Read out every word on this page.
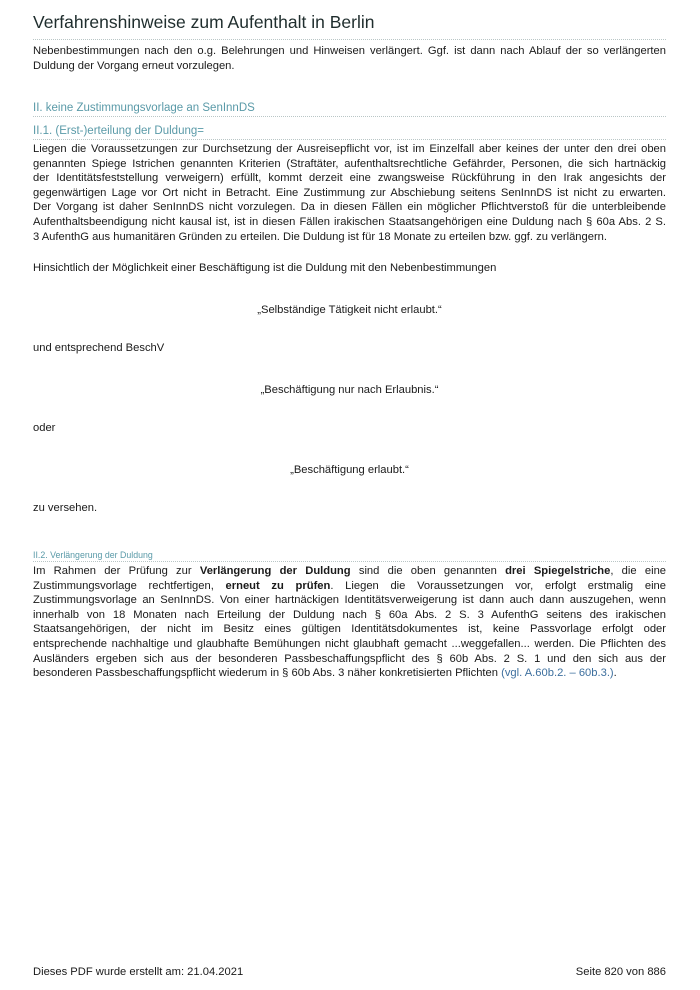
Verfahrenshinweise zum Aufenthalt in Berlin
Nebenbestimmungen nach den o.g. Belehrungen und Hinweisen verlängert. Ggf. ist dann nach Ablauf der so verlängerten
Duldung der Vorgang erneut vorzulegen.
II. keine Zustimmungsvorlage an SenInnDS
II.1. (Erst-)erteilung der Duldung=
Liegen die Voraussetzungen zur Durchsetzung der Ausreisepflicht vor, ist im Einzelfall aber keines der unter den drei oben
genannten Spiege Istrichen genannten Kriterien (Straftäter, aufenthaltsrechtliche Gefährder, Personen, die sich hartnäckig
der Identitätsfeststellung verweigern) erfüllt, kommt derzeit eine zwangsweise Rückführung in den Irak angesichts der
gegenwärtigen Lage vor Ort nicht in Betracht. Eine Zustimmung zur Abschiebung seitens SenInnDS ist nicht zu erwarten.
Der Vorgang ist daher SenInnDS nicht vorzulegen. Da in diesen Fällen ein möglicher Pflichtverstoß für die unterbleibende
Aufenthaltsbeendigung nicht kausal ist, ist in diesen Fällen irakischen Staatsangehörigen eine Duldung nach § 60a Abs. 2 S.
3 AufenthG aus humanitären Gründen zu erteilen. Die Duldung ist für 18 Monate zu erteilen bzw. ggf. zu verlängern.
Hinsichtlich der Möglichkeit einer Beschäftigung ist die Duldung mit den Nebenbestimmungen
„Selbständige Tätigkeit nicht erlaubt.“
und entsprechend BeschV
„Beschäftigung nur nach Erlaubnis.“
oder
„Beschäftigung erlaubt.“
zu versehen.
II.2. Verlängerung der Duldung
Im Rahmen der Prüfung zur Verlängerung der Duldung sind die oben genannten drei Spiegelstriche, die eine
Zustimmungsvorlage rechtfertigen, erneut zu prüfen. Liegen die Voraussetzungen vor, erfolgt erstmalig eine
Zustimmungsvorlage an SenInnDS. Von einer hartnäckigen Identitätsverweigerung ist dann auch dann auszugehen, wenn
innerhalb von 18 Monaten nach Erteilung der Duldung nach § 60a Abs. 2 S. 3 AufenthG seitens des irakischen
Staatsangehörigen, der nicht im Besitz eines gültigen Identitätsdokumentes ist, keine Passvorlage erfolgt oder
entsprechende nachhaltige und glaubhafte Bemühungen nicht glaubhaft gemacht ...weggefallen... werden. Die Pflichten des
Ausländers ergeben sich aus der besonderen Passbeschaffungspflicht des § 60b Abs. 2 S. 1 und den sich aus der
besonderen Passbeschaffungspflicht wiederum in § 60b Abs. 3 näher konkretisierten Pflichten (vgl. A.60b.2. – 60b.3.).
Dieses PDF wurde erstellt am: 21.04.2021	Seite 820 von 886
